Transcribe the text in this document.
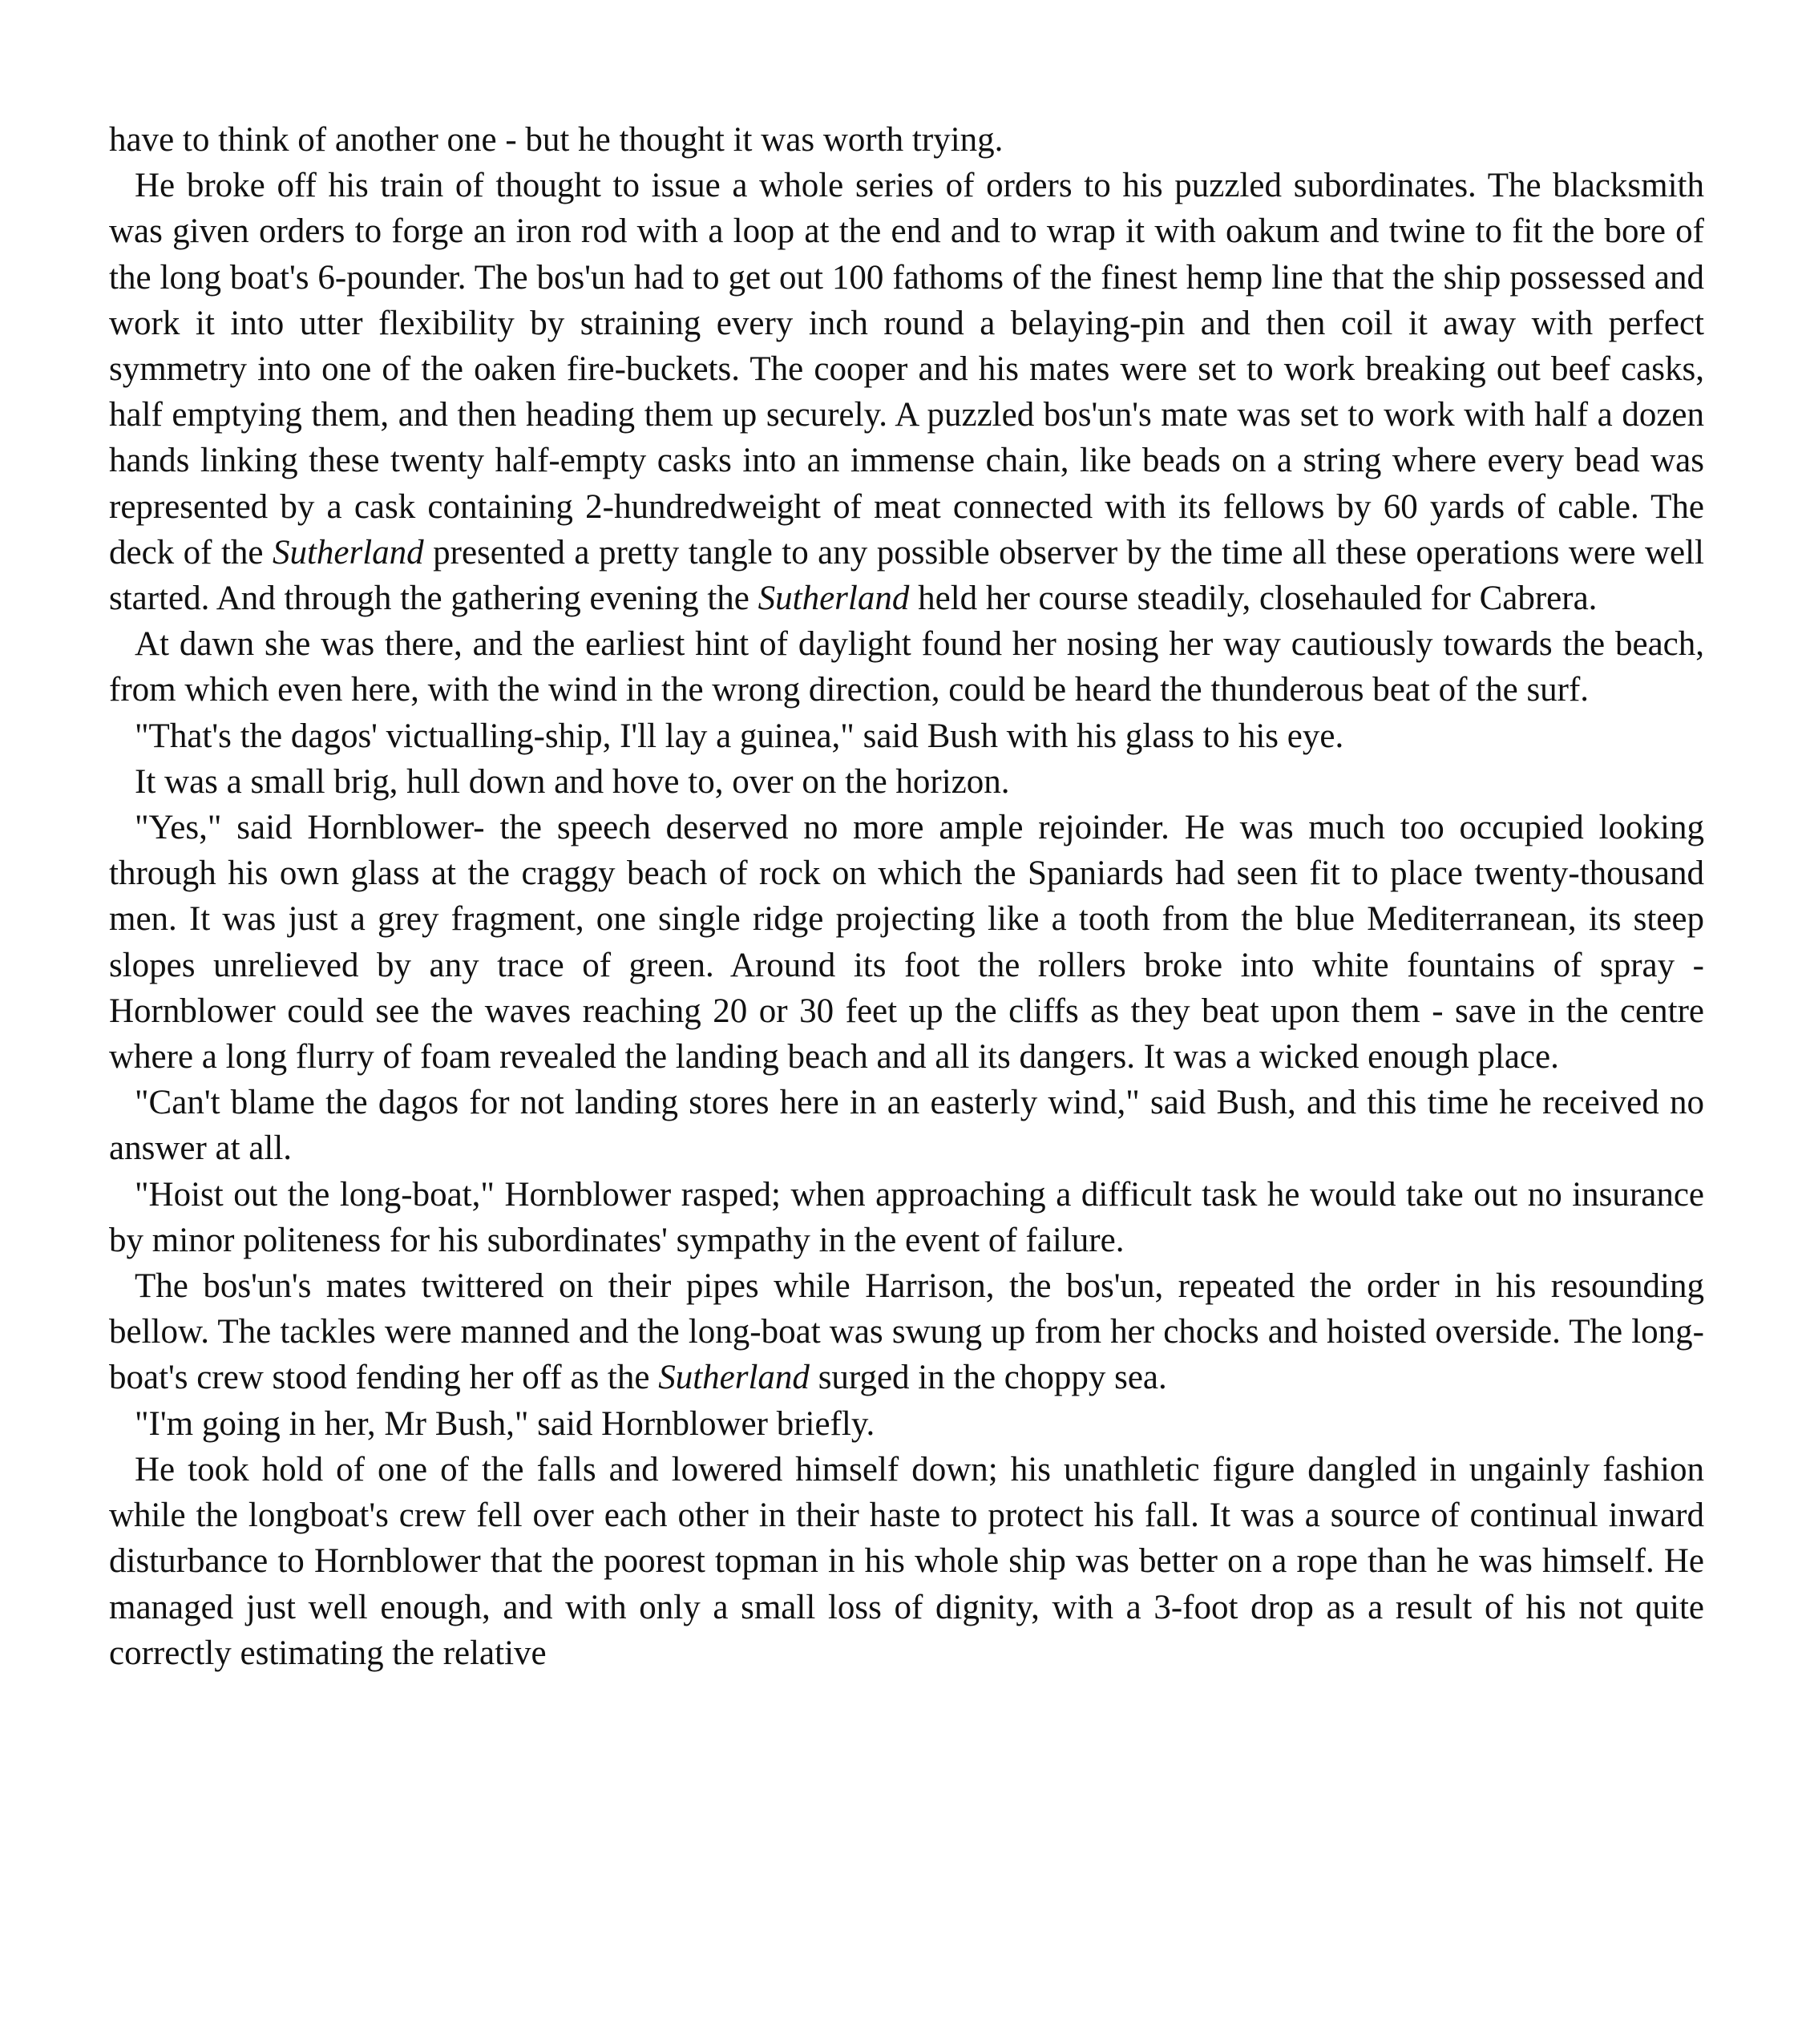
have to think of another one - but he thought it was worth trying.

He broke off his train of thought to issue a whole series of orders to his puzzled subordinates. The blacksmith was given orders to forge an iron rod with a loop at the end and to wrap it with oakum and twine to fit the bore of the long boat's 6-pounder. The bos'un had to get out 100 fathoms of the finest hemp line that the ship possessed and work it into utter flexibility by straining every inch round a belaying-pin and then coil it away with perfect symmetry into one of the oaken fire-buckets. The cooper and his mates were set to work breaking out beef casks, half emptying them, and then heading them up securely. A puzzled bos'un's mate was set to work with half a dozen hands linking these twenty half-empty casks into an immense chain, like beads on a string where every bead was represented by a cask containing 2-hundredweight of meat connected with its fellows by 60 yards of cable. The deck of the Sutherland presented a pretty tangle to any possible observer by the time all these operations were well started. And through the gathering evening the Sutherland held her course steadily, closehauled for Cabrera.

At dawn she was there, and the earliest hint of daylight found her nosing her way cautiously towards the beach, from which even here, with the wind in the wrong direction, could be heard the thunderous beat of the surf.

"That's the dagos' victualling-ship, I'll lay a guinea," said Bush with his glass to his eye.

It was a small brig, hull down and hove to, over on the horizon.

"Yes," said Hornblower- the speech deserved no more ample rejoinder. He was much too occupied looking through his own glass at the craggy beach of rock on which the Spaniards had seen fit to place twenty-thousand men. It was just a grey fragment, one single ridge projecting like a tooth from the blue Mediterranean, its steep slopes unrelieved by any trace of green. Around its foot the rollers broke into white fountains of spray - Hornblower could see the waves reaching 20 or 30 feet up the cliffs as they beat upon them - save in the centre where a long flurry of foam revealed the landing beach and all its dangers. It was a wicked enough place.

"Can't blame the dagos for not landing stores here in an easterly wind," said Bush, and this time he received no answer at all.

"Hoist out the long-boat," Hornblower rasped; when approaching a difficult task he would take out no insurance by minor politeness for his subordinates' sympathy in the event of failure.

The bos'un's mates twittered on their pipes while Harrison, the bos'un, repeated the order in his resounding bellow. The tackles were manned and the long-boat was swung up from her chocks and hoisted overside. The long-boat's crew stood fending her off as the Sutherland surged in the choppy sea.

"I'm going in her, Mr Bush," said Hornblower briefly.

He took hold of one of the falls and lowered himself down; his unathletic figure dangled in ungainly fashion while the longboat's crew fell over each other in their haste to protect his fall. It was a source of continual inward disturbance to Hornblower that the poorest topman in his whole ship was better on a rope than he was himself. He managed just well enough, and with only a small loss of dignity, with a 3-foot drop as a result of his not quite correctly estimating the relative
